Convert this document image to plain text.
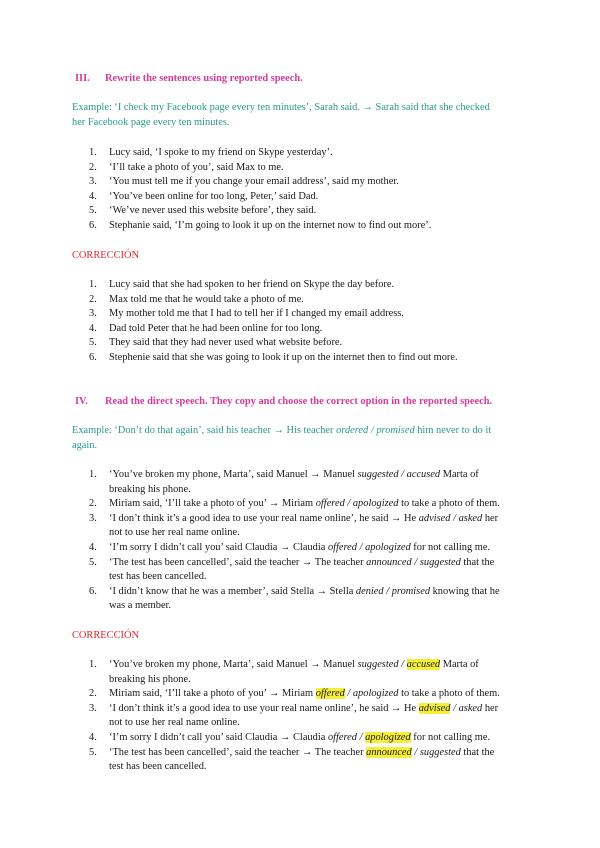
III. Rewrite the sentences using reported speech.
Example: ‘I check my Facebook page every ten minutes’, Sarah said. → Sarah said that she checked
her Facebook page every ten minutes.
1. Lucy said, ‘I spoke to my friend on Skype yesterday’.
2. ‘I’ll take a photo of you’, said Max to me.
3. ‘You must tell me if you change your email address’, said my mother.
4. ‘You’ve been online for too long, Peter,’ said Dad.
5. ‘We’ve never used this website before’, they said.
6. Stephanie said, ‘I’m going to look it up on the internet now to find out more’.
CORRECCIÓN
1. Lucy said that she had spoken to her friend on Skype the day before.
2. Max told me that he would take a photo of me.
3. My mother told me that I had to tell her if I changed my email address.
4. Dad told Peter that he had been online for too long.
5. They said that they had never used what website before.
6. Stephenie said that she was going to look it up on the internet then to find out more.
IV. Read the direct speech. They copy and choose the correct option in the reported speech.
Example: ‘Don’t do that again’, said his teacher → His teacher ordered / promised him never to do it
again.
1. ‘You’ve broken my phone, Marta’, said Manuel → Manuel suggested / accused Marta of
breaking his phone.
2. Miriam said, ‘I’ll take a photo of you’ → Miriam offered / apologized to take a photo of them.
3. ‘I don’t think it’s a good idea to use your real name online’, he said → He advised / asked her
not to use her real name online.
4. ‘I’m sorry I didn’t call you’ said Claudia → Claudia offered / apologized for not calling me.
5. ‘The test has been cancelled’, said the teacher → The teacher announced / suggested that the
test has been cancelled.
6. ‘I didn’t know that he was a member’, said Stella → Stella denied / promised knowing that he
was a member.
CORRECCIÓN
1. ‘You’ve broken my phone, Marta’, said Manuel → Manuel suggested / accused Marta of
breaking his phone.
2. Miriam said, ‘I’ll take a photo of you’ → Miriam offered / apologized to take a photo of them.
3. ‘I don’t think it’s a good idea to use your real name online’, he said → He advised / asked her
not to use her real name online.
4. ‘I’m sorry I didn’t call you’ said Claudia → Claudia offered / apologized for not calling me.
5. ‘The test has been cancelled’, said the teacher → The teacher announced / suggested that the
test has been cancelled.
